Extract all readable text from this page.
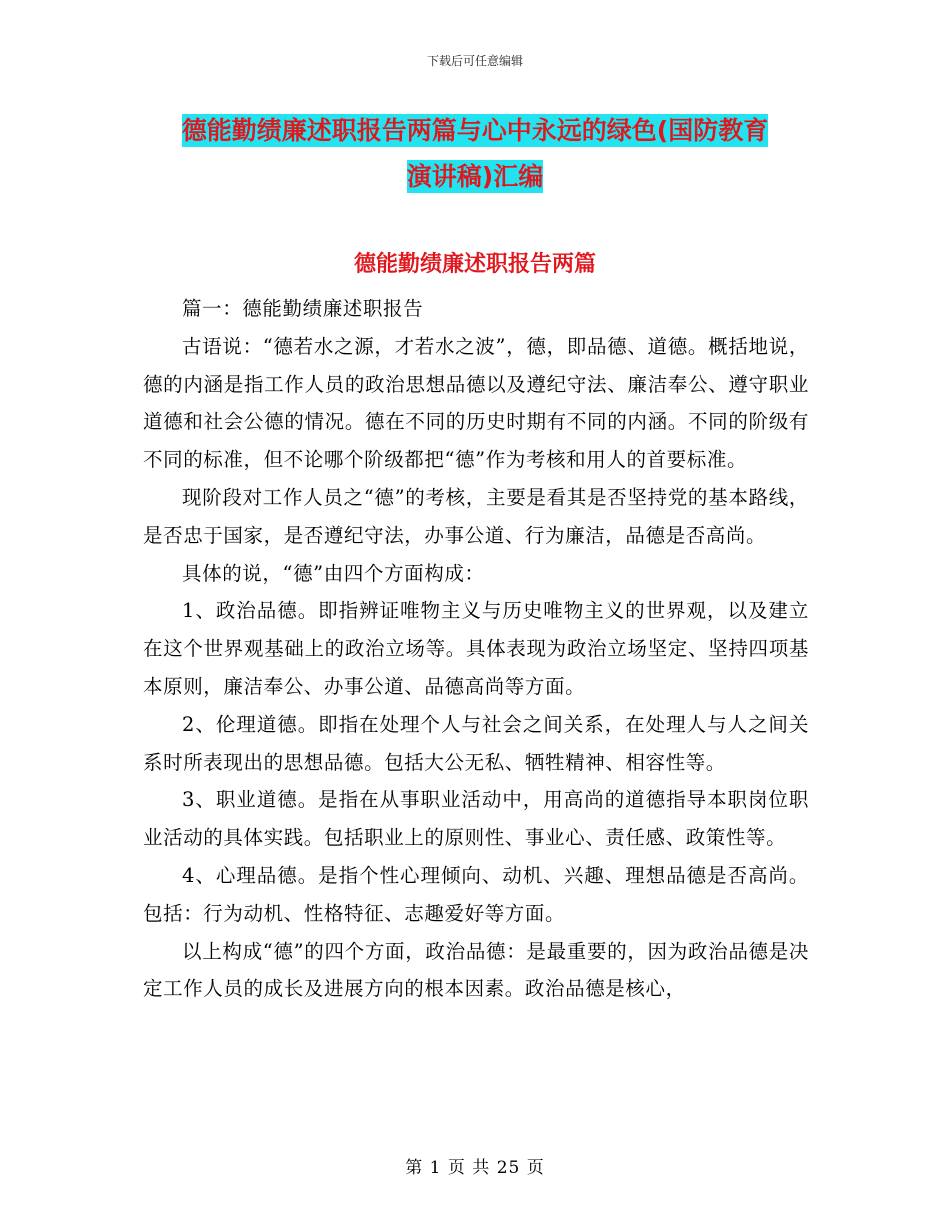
下载后可任意编辑
德能勤绩廉述职报告两篇与心中永远的绿色(国防教育
演讲稿)汇编
德能勤绩廉述职报告两篇

篇一：德能勤绩廉述职报告

古语说：“德若水之源，才若水之波”，德，即品德、道德。概括地说，德的内涵是指工作人员的政治思想品德以及遵纪守法、廉洁奉公、遵守职业道德和社会公德的情况。德在不同的历史时期有不同的内涵。不同的阶级有不同的标准，但不论哪个阶级都把“德”作为考核和用人的首要标准。

现阶段对工作人员之“德”的考核，主要是看其是否坚持党的基本路线，是否忠于国家，是否遵纪守法，办事公道、行为廉洁，品德是否高尚。

具体的说，“德”由四个方面构成：

1、政治品德。即指辨证唯物主义与历史唯物主义的世界观，以及建立在这个世界观基础上的政治立场等。具体表现为政治立场坚定、坚持四项基本原则，廉洁奉公、办事公道、品德高尚等方面。

2、伦理道德。即指在处理个人与社会之间关系，在处理人与人之间关系时所表现出的思想品德。包括大公无私、牺牲精神、相容性等。

3、职业道德。是指在从事职业活动中，用高尚的道德指导本职岗位职业活动的具体实践。包括职业上的原则性、事业心、责任感、政策性等。

4、心理品德。是指个性心理倾向、动机、兴趣、理想品德是否高尚。包括：行为动机、性格特征、志趣爱好等方面。

以上构成“德”的四个方面，政治品德：是最重要的，因为政治品德是决定工作人员的成长及进展方向的根本因素。政治品德是核心，

第 1 页 共 25 页
